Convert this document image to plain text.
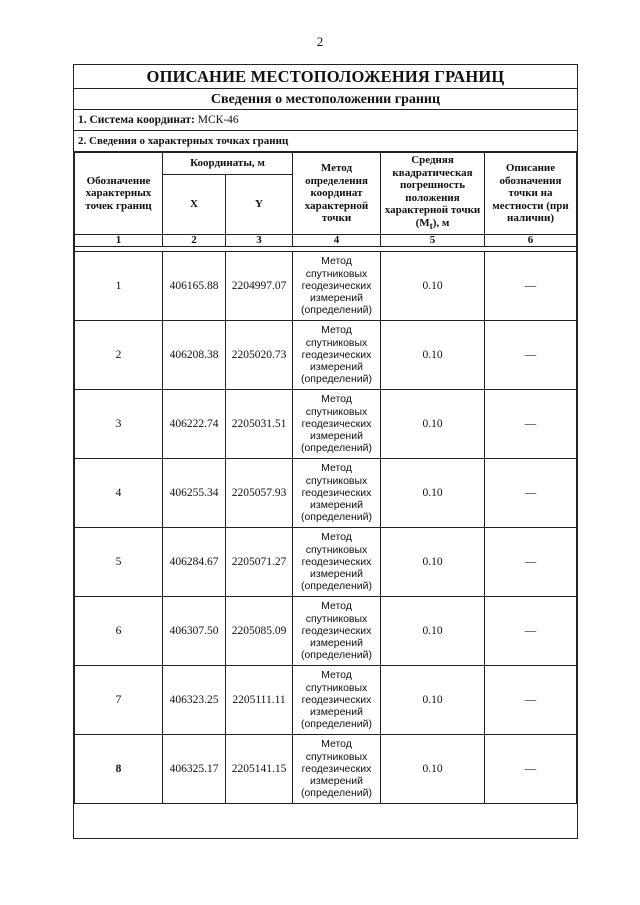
2
ОПИСАНИЕ МЕСТОПОЛОЖЕНИЯ ГРАНИЦ
Сведения о местоположении границ
1. Система координат: МСК-46
2. Сведения о характерных точках границ
Обозначение характерных точек границ	Координаты, м		Метод определения координат характерной точки	Средняя квадратическая погрешность положения характерной точки $(M_t)$, м	Описание обозначения точки на местности (при наличии)
	X	Y			
1	2	3	4	5	6

1	406165.88	2204997.07	Метод спутниковых геодезических измерений (определений)	0.10	—
2	406208.38	2205020.73	Метод спутниковых геодезических измерений (определений)	0.10	—
3	406222.74	2205031.51	Метод спутниковых геодезических измерений (определений)	0.10	—
4	406255.34	2205057.93	Метод спутниковых геодезических измерений (определений)	0.10	—
5	406284.67	2205071.27	Метод спутниковых геодезических измерений (определений)	0.10	—
6	406307.50	2205085.09	Метод спутниковых геодезических измерений (определений)	0.10	—
7	406323.25	2205111.11	Метод спутниковых геодезических измерений (определений)	0.10	—
8	406325.17	2205141.15	Метод спутниковых геодезических измерений (определений)	0.10	—
